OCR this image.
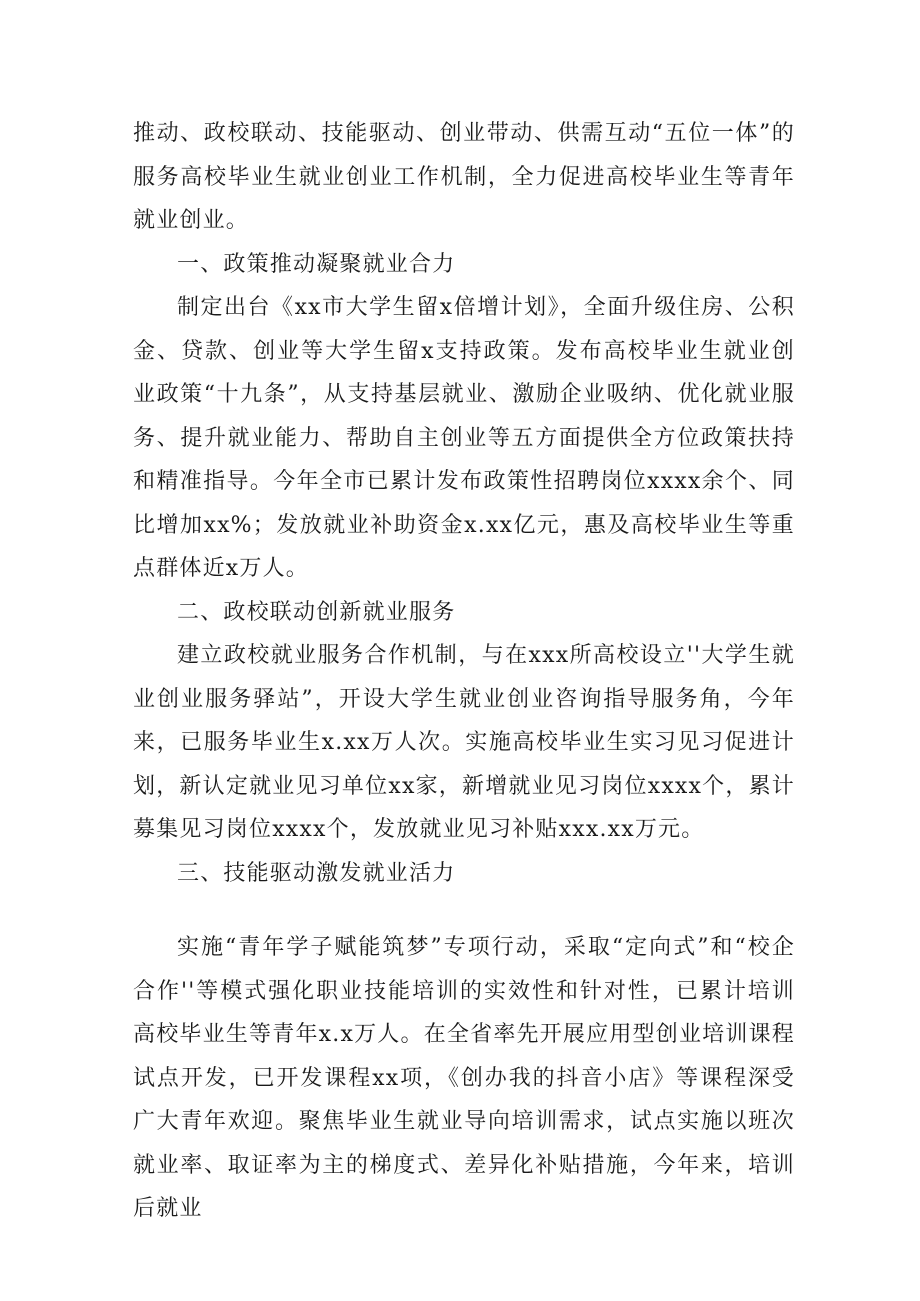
推动、政校联动、技能驱动、创业带动、供需互动“五位一体”的服务高校毕业生就业创业工作机制，全力促进高校毕业生等青年就业创业。

一、政策推动凝聚就业合力

制定出台《xx市大学生留x倍增计划》，全面升级住房、公积金、贷款、创业等大学生留x支持政策。发布高校毕业生就业创业政策“十九条”，从支持基层就业、激励企业吸纳、优化就业服务、提升就业能力、帮助自主创业等五方面提供全方位政策扶持和精准指导。今年全市已累计发布政策性招聘岗位xxxx余个、同比增加xx%；发放就业补助资金x.xx亿元，惠及高校毕业生等重点群体近x万人。

二、政校联动创新就业服务

建立政校就业服务合作机制，与在xxx所高校设立''大学生就业创业服务驿站”，开设大学生就业创业咨询指导服务角，今年来，已服务毕业生x.xx万人次。实施高校毕业生实习见习促进计划，新认定就业见习单位xx家，新增就业见习岗位xxxx个，累计募集见习岗位xxxx个，发放就业见习补贴xxx.xx万元。

三、技能驱动激发就业活力

实施“青年学子赋能筑梦”专项行动，采取“定向式”和“校企合作''等模式强化职业技能培训的实效性和针对性，已累计培训高校毕业生等青年x.x万人。在全省率先开展应用型创业培训课程试点开发，已开发课程xx项，《创办我的抖音小店》等课程深受广大青年欢迎。聚焦毕业生就业导向培训需求，试点实施以班次就业率、取证率为主的梯度式、差异化补贴措施，今年来，培训后就业
